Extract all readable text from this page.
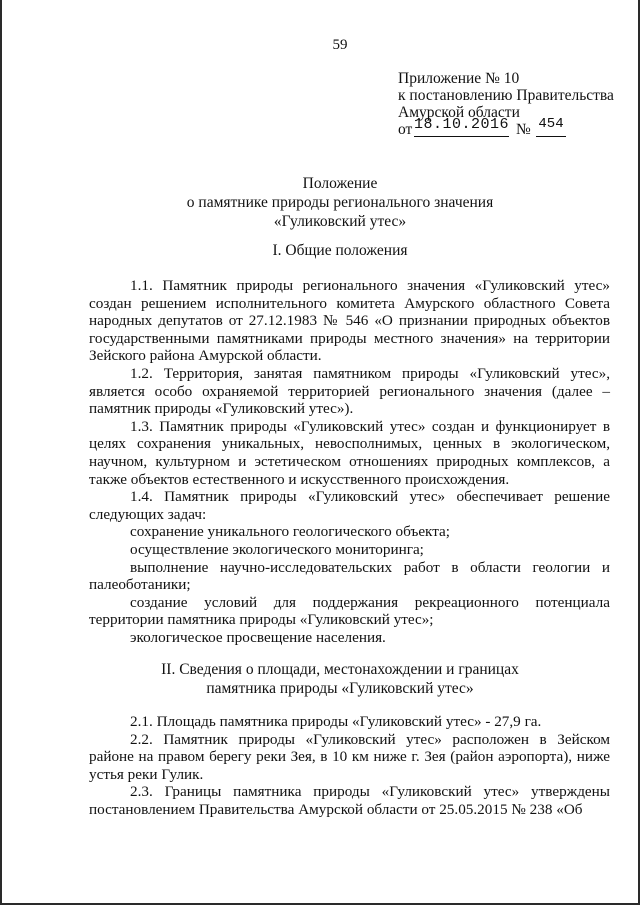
59
Приложение № 10
к постановлению Правительства
Амурской области
от 18.10.2016 № 454
Положение
о памятнике природы регионального значения
«Гуликовский утес»
I. Общие положения

1.1. Памятник природы регионального значения «Гуликовский утес» создан решением исполнительного комитета Амурского областного Совета народных депутатов от 27.12.1983 № 546 «О признании природных объектов государственными памятниками природы местного значения» на территории Зейского района Амурской области.

1.2. Территория, занятая памятником природы «Гуликовский утес», является особо охраняемой территорией регионального значения (далее – памятник природы «Гуликовский утес»).

1.3. Памятник природы «Гуликовский утес» создан и функционирует в целях сохранения уникальных, невосполнимых, ценных в экологическом, научном, культурном и эстетическом отношениях природных комплексов, а также объектов естественного и искусственного происхождения.

1.4. Памятник природы «Гуликовский утес» обеспечивает решение следующих задач:

сохранение уникального геологического объекта;

осуществление экологического мониторинга;

выполнение научно-исследовательских работ в области геологии и палеоботаники;

создание условий для поддержания рекреационного потенциала территории памятника природы «Гуликовский утес»;

экологическое просвещение населения.

II. Сведения о площади, местонахождении и границах
памятника природы «Гуликовский утес»

2.1. Площадь памятника природы «Гуликовский утес» - 27,9 га.

2.2. Памятник природы «Гуликовский утес» расположен в Зейском районе на правом берегу реки Зея, в 10 км ниже г. Зея (район аэропорта), ниже устья реки Гулик.

2.3. Границы памятника природы «Гуликовский утес» утверждены постановлением Правительства Амурской области от 25.05.2015 № 238 «Об
